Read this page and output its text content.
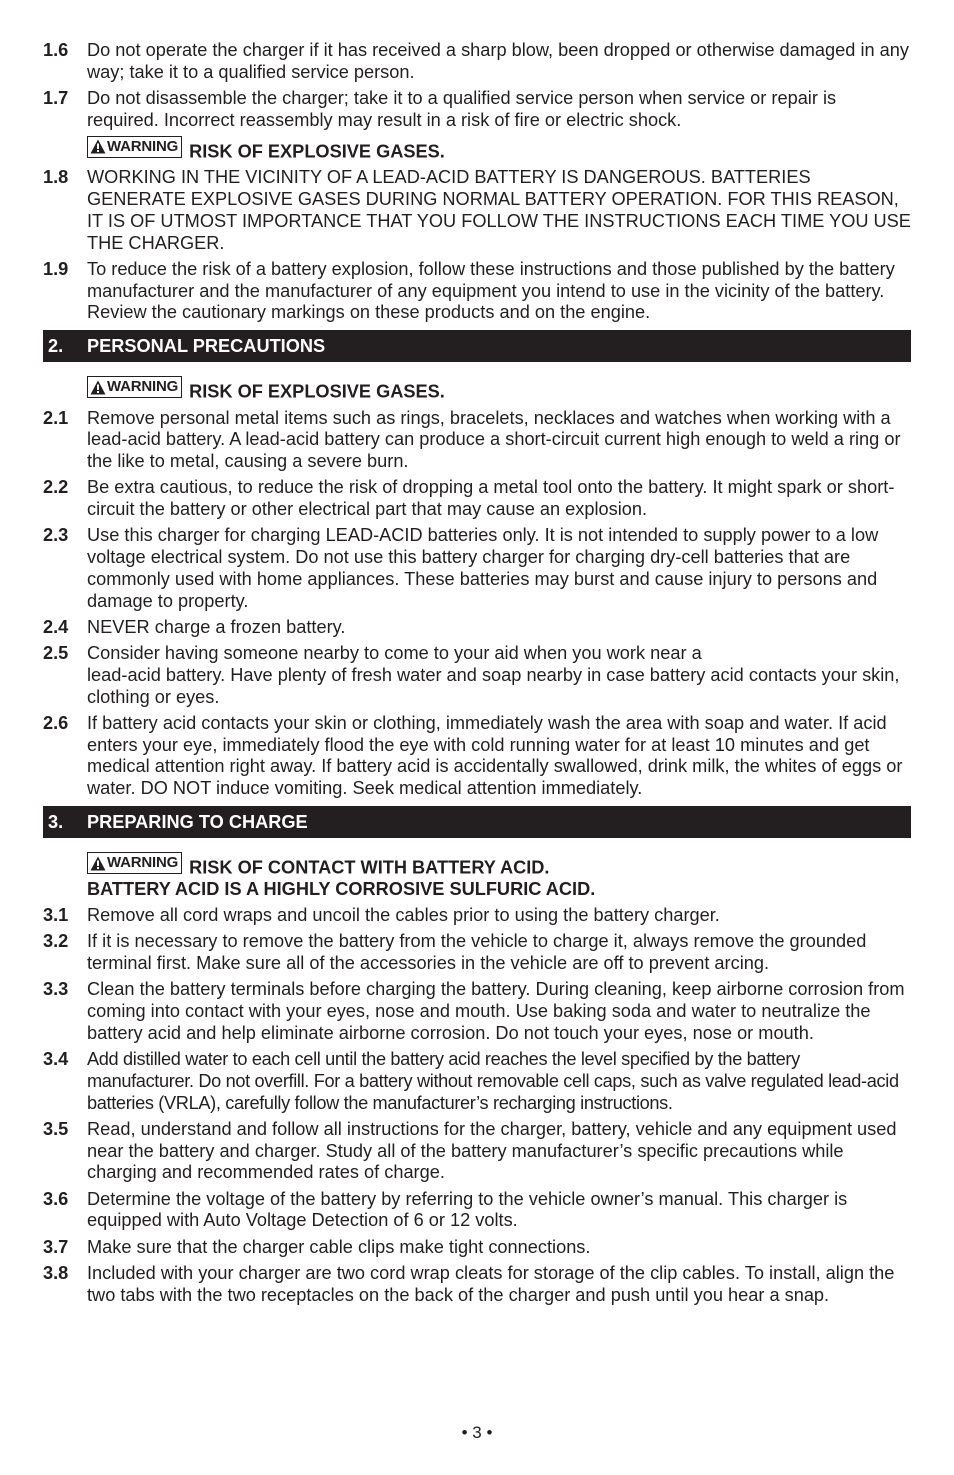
1.6	Do not operate the charger if it has received a sharp blow, been dropped or otherwise damaged in any way; take it to a qualified service person.
1.7	Do not disassemble the charger; take it to a qualified service person when service or repair is required. Incorrect reassembly may result in a risk of fire or electric shock.
WARNING RISK OF EXPLOSIVE GASES.
1.8	WORKING IN THE VICINITY OF A LEAD-ACID BATTERY IS DANGEROUS. BATTERIES GENERATE EXPLOSIVE GASES DURING NORMAL BATTERY OPERATION. FOR THIS REASON, IT IS OF UTMOST IMPORTANCE THAT YOU FOLLOW THE INSTRUCTIONS EACH TIME YOU USE THE CHARGER.
1.9	To reduce the risk of a battery explosion, follow these instructions and those published by the battery manufacturer and the manufacturer of any equipment you intend to use in the vicinity of the battery. Review the cautionary markings on these products and on the engine.
2.	PERSONAL PRECAUTIONS
WARNING RISK OF EXPLOSIVE GASES.
2.1	Remove personal metal items such as rings, bracelets, necklaces and watches when working with a lead-acid battery. A lead-acid battery can produce a short-circuit current high enough to weld a ring or the like to metal, causing a severe burn.
2.2	Be extra cautious, to reduce the risk of dropping a metal tool onto the battery. It might spark or short-circuit the battery or other electrical part that may cause an explosion.
2.3	Use this charger for charging LEAD-ACID batteries only. It is not intended to supply power to a low voltage electrical system. Do not use this battery charger for charging dry-cell batteries that are commonly used with home appliances. These batteries may burst and cause injury to persons and damage to property.
2.4	NEVER charge a frozen battery.
2.5	Consider having someone nearby to come to your aid when you work near a
lead-acid battery. Have plenty of fresh water and soap nearby in case battery acid contacts your skin, clothing or eyes.
2.6	If battery acid contacts your skin or clothing, immediately wash the area with soap and water. If acid enters your eye, immediately flood the eye with cold running water for at least 10 minutes and get medical attention right away. If battery acid is accidentally swallowed, drink milk, the whites of eggs or water. DO NOT induce vomiting. Seek medical attention immediately.
3.	PREPARING TO CHARGE
WARNING RISK OF CONTACT WITH BATTERY ACID.
BATTERY ACID IS A HIGHLY CORROSIVE SULFURIC ACID.
3.1	Remove all cord wraps and uncoil the cables prior to using the battery charger.
3.2	If it is necessary to remove the battery from the vehicle to charge it, always remove the grounded terminal first. Make sure all of the accessories in the vehicle are off to prevent arcing.
3.3	Clean the battery terminals before charging the battery. During cleaning, keep airborne corrosion from coming into contact with your eyes, nose and mouth. Use baking soda and water to neutralize the battery acid and help eliminate airborne corrosion. Do not touch your eyes, nose or mouth.
3.4	Add distilled water to each cell until the battery acid reaches the level specified by the battery manufacturer. Do not overfill. For a battery without removable cell caps, such as valve regulated lead-acid batteries (VRLA), carefully follow the manufacturer’s recharging instructions.
3.5	Read, understand and follow all instructions for the charger, battery, vehicle and any equipment used near the battery and charger. Study all of the battery manufacturer’s specific precautions while charging and recommended rates of charge.
3.6	Determine the voltage of the battery by referring to the vehicle owner’s manual. This charger is equipped with Auto Voltage Detection of 6 or 12 volts.
3.7	Make sure that the charger cable clips make tight connections.
3.8	Included with your charger are two cord wrap cleats for storage of the clip cables. To install, align the two tabs with the two receptacles on the back of the charger and push until you hear a snap.
• 3 •
